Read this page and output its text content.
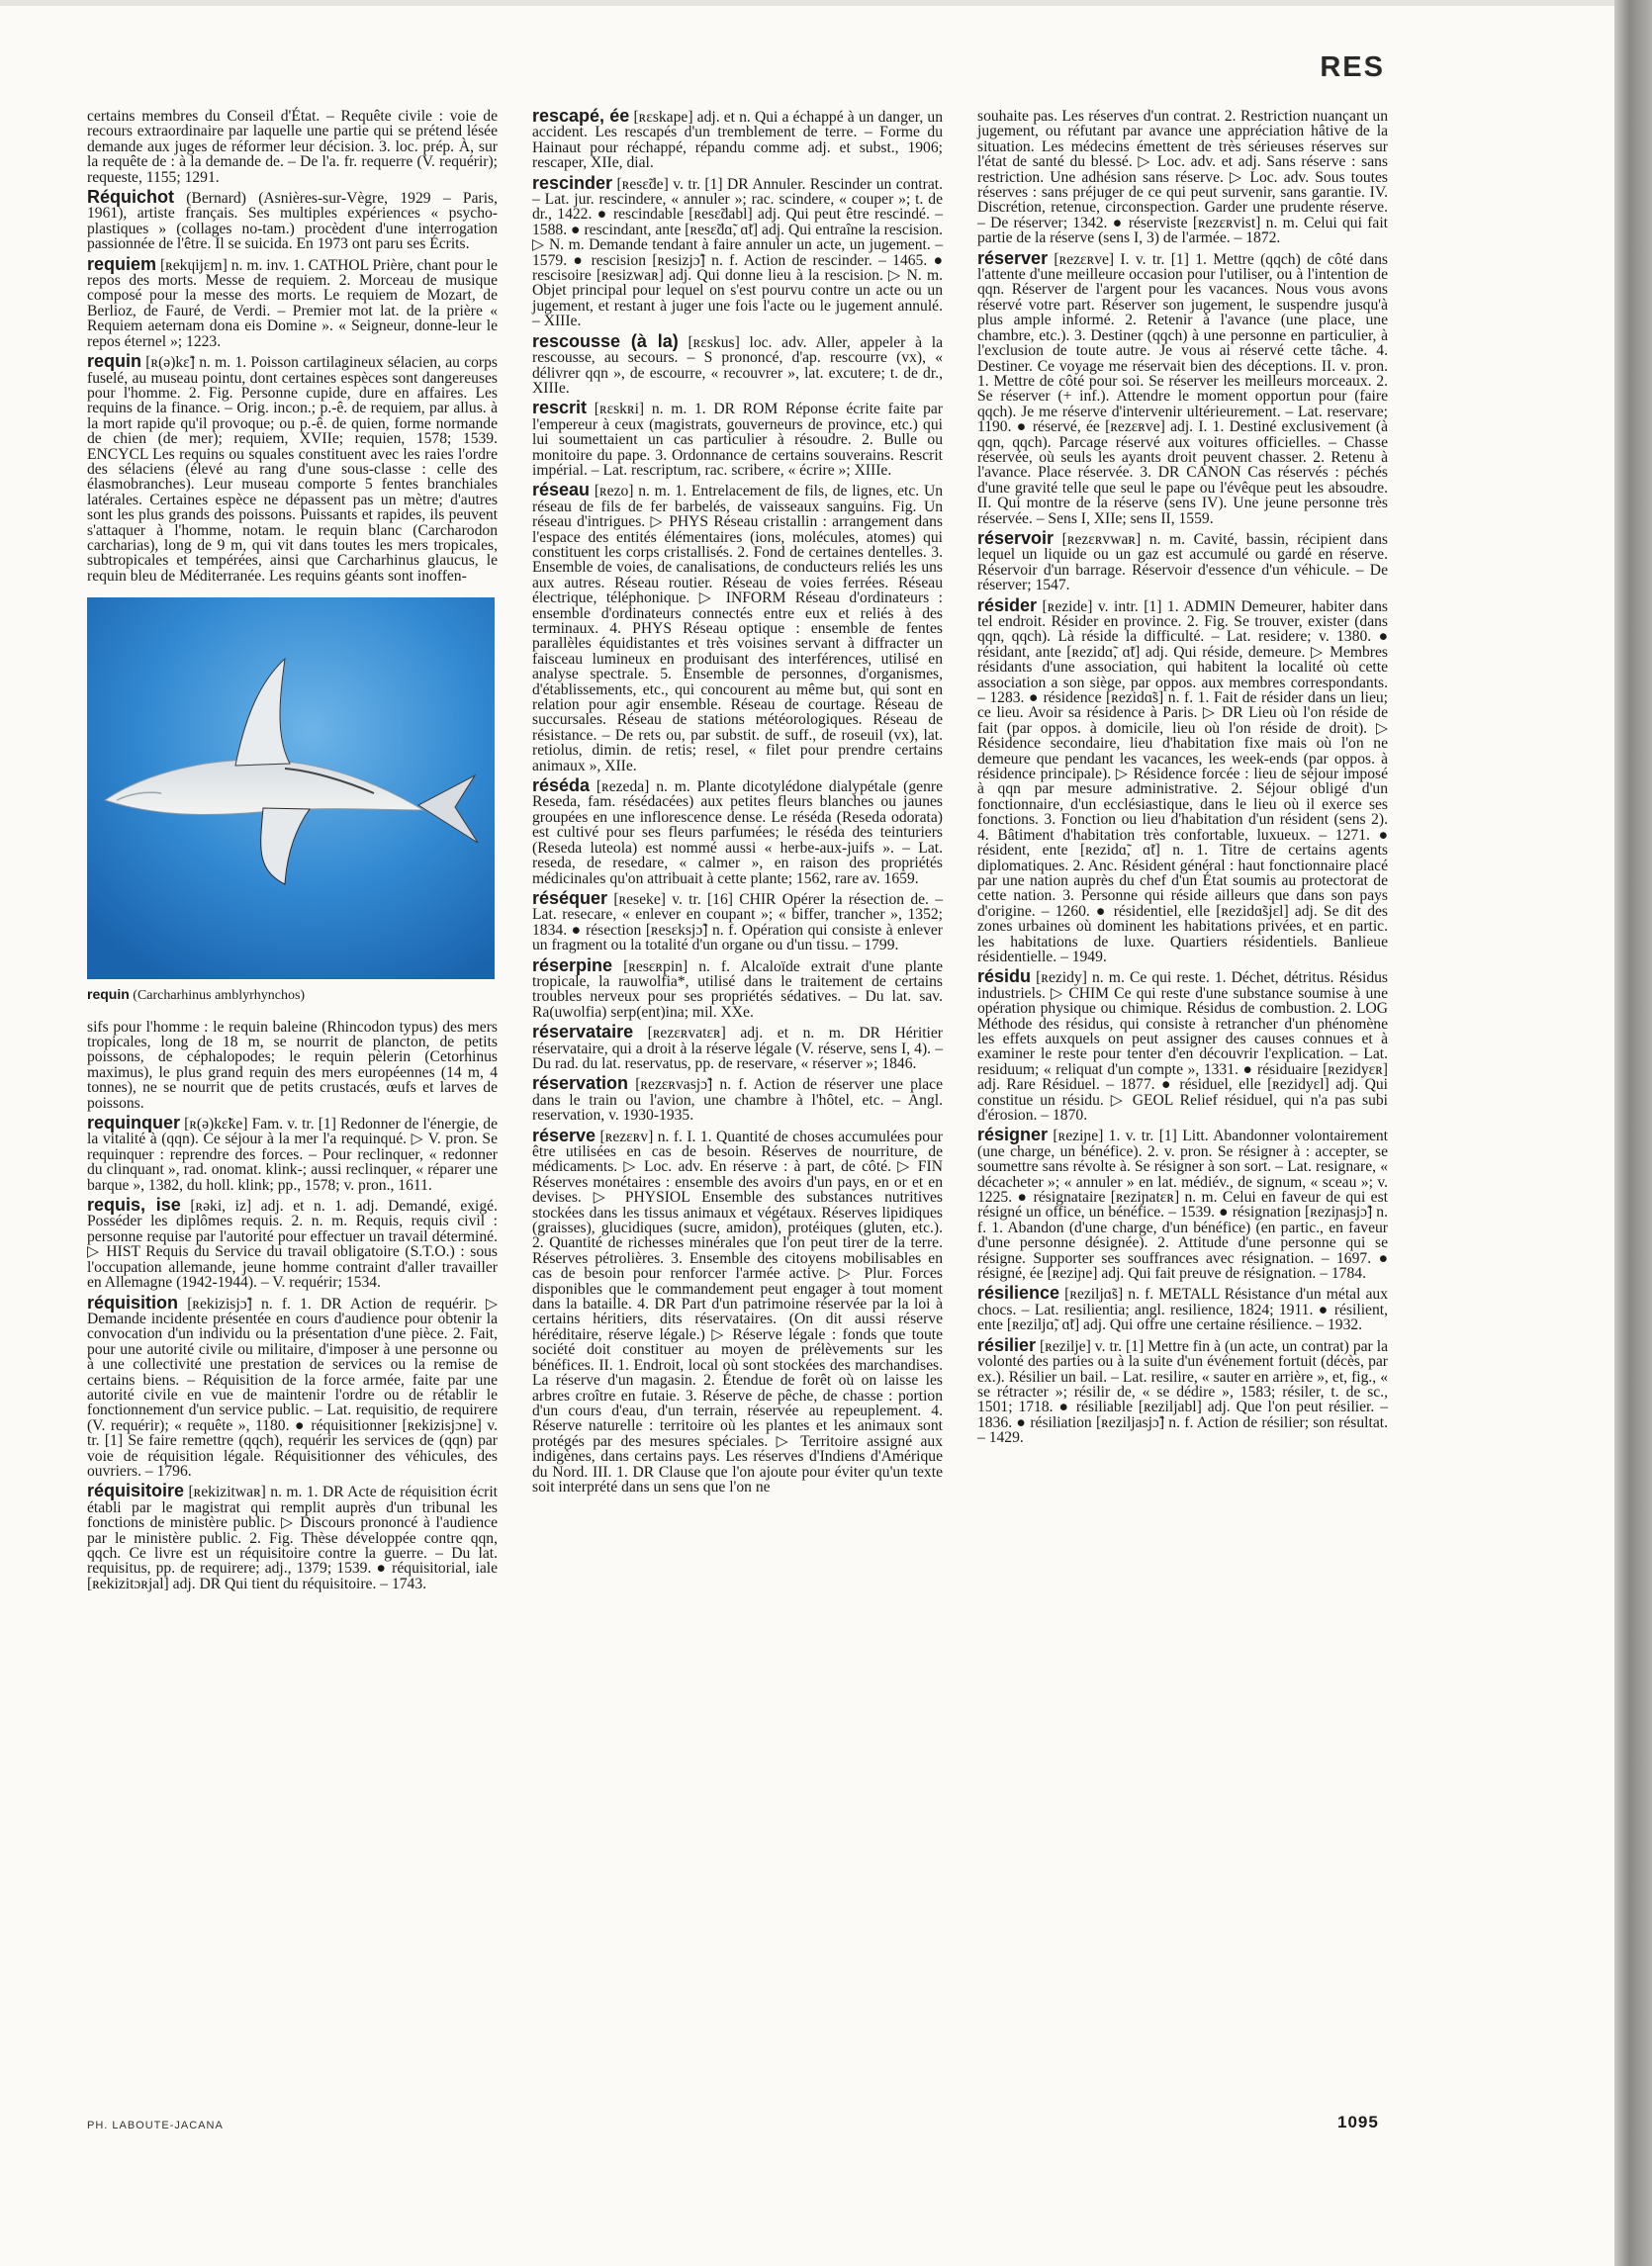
RES

certains membres du Conseil d'État. – Requête civile : voie de recours extraordinaire par laquelle une partie qui se prétend lésée demande aux juges de réformer leur décision. 3. loc. prép. À, sur la requête de : à la demande de. – De l'a. fr. requerre (V. requérir); requeste, 1155; 1291.

Réquichot (Bernard) (Asnières-sur-Vègre, 1929 – Paris, 1961), artiste français. Ses multiples expériences « psycho-plastiques » (collages no-tam.) procèdent d'une interrogation passionnée de l'être. Il se suicida. En 1973 ont paru ses Écrits.

requiem [ʀekɥijɛm] n. m. inv. 1. CATHOL Prière, chant pour le repos des morts. Messe de requiem. 2. Morceau de musique composé pour la messe des morts. Le requiem de Mozart, de Berlioz, de Fauré, de Verdi. – Premier mot lat. de la prière « Requiem aeternam dona eis Domine ». « Seigneur, donne-leur le repos éternel »; 1223.

requin [ʀ(ə)kɛ̃] n. m. 1. Poisson cartilagineux sélacien, au corps fuselé, au museau pointu, dont certaines espèces sont dangereuses pour l'homme. 2. Fig. Personne cupide, dure en affaires. Les requins de la finance. – Orig. incon.; p.-ê. de requiem, par allus. à la mort rapide qu'il provoque; ou p.-ê. de quien, forme normande de chien (de mer); requiem, XVIIe; requien, 1578; 1539. ENCYCL Les requins ou squales constituent avec les raies l'ordre des sélaciens (élevé au rang d'une sous-classe : celle des élasmobranches). Leur museau comporte 5 fentes branchiales latérales. Certaines espèce ne dépassent pas un mètre; d'autres sont les plus grands des poissons. Puissants et rapides, ils peuvent s'attaquer à l'homme, notam. le requin blanc (Carcharodon carcharias), long de 9 m, qui vit dans toutes les mers tropicales, subtropicales et tempérées, ainsi que Carcharhinus glaucus, le requin bleu de Méditerranée. Les requins géants sont inoffen-

requin (Carcharhinus amblyrhynchos)

sifs pour l'homme : le requin baleine (Rhincodon typus) des mers tropicales, long de 18 m, se nourrit de plancton, de petits poissons, de céphalopodes; le requin pèlerin (Cetorhinus maximus), le plus grand requin des mers européennes (14 m, 4 tonnes), ne se nourrit que de petits crustacés, œufs et larves de poissons.

requinquer [ʀ(ə)kɛ̃ke] Fam. v. tr. [1] Redonner de l'énergie, de la vitalité à (qqn). Ce séjour à la mer l'a requinqué. ▷ V. pron. Se requinquer : reprendre des forces. – Pour reclinquer, « redonner du clinquant », rad. onomat. klink-; aussi reclinquer, « réparer une barque », 1382, du holl. klink; pp., 1578; v. pron., 1611.

requis, ise [ʀəki, iz] adj. et n. 1. adj. Demandé, exigé. Posséder les diplômes requis. 2. n. m. Requis, requis civil : personne requise par l'autorité pour effectuer un travail déterminé. ▷ HIST Requis du Service du travail obligatoire (S.T.O.) : sous l'occupation allemande, jeune homme contraint d'aller travailler en Allemagne (1942-1944). – V. requérir; 1534.

réquisition [ʀekizisjɔ̃] n. f. 1. DR Action de requérir. ▷ Demande incidente présentée en cours d'audience pour obtenir la convocation d'un individu ou la présentation d'une pièce. 2. Fait, pour une autorité civile ou militaire, d'imposer à une personne ou à une collectivité une prestation de services ou la remise de certains biens. – Réquisition de la force armée, faite par une autorité civile en vue de maintenir l'ordre ou de rétablir le fonctionnement d'un service public. – Lat. requisitio, de requirere (V. requérir); « requête », 1180. ● réquisitionner [ʀekizisjɔne] v. tr. [1] Se faire remettre (qqch), requérir les services de (qqn) par voie de réquisition légale. Réquisitionner des véhicules, des ouvriers. – 1796.

réquisitoire [ʀekizitwaʀ] n. m. 1. DR Acte de réquisition écrit établi par le magistrat qui remplit auprès d'un tribunal les fonctions de ministère public. ▷ Discours prononcé à l'audience par le ministère public. 2. Fig. Thèse développée contre qqn, qqch. Ce livre est un réquisitoire contre la guerre. – Du lat. requisitus, pp. de requirere; adj., 1379; 1539. ● réquisitorial, iale [ʀekizitɔʀjal] adj. DR Qui tient du réquisitoire. – 1743.

rescapé, ée [ʀɛskape] adj. et n. Qui a échappé à un danger, un accident. Les rescapés d'un tremblement de terre. – Forme du Hainaut pour réchappé, répandu comme adj. et subst., 1906; rescaper, XIIe, dial.

rescinder [ʀesɛ̃de] v. tr. [1] DR Annuler. Rescinder un contrat. – Lat. jur. rescindere, « annuler »; rac. scindere, « couper »; t. de dr., 1422. ● rescindable [ʀesɛ̃dabl] adj. Qui peut être rescindé. – 1588. ● rescindant, ante [ʀesɛ̃dɑ̃, ɑ̃t] adj. Qui entraîne la rescision. ▷ N. m. Demande tendant à faire annuler un acte, un jugement. – 1579. ● rescision [ʀesizjɔ̃] n. f. Action de rescinder. – 1465. ● rescisoire [ʀesizwaʀ] adj. Qui donne lieu à la rescision. ▷ N. m. Objet principal pour lequel on s'est pourvu contre un acte ou un jugement, et restant à juger une fois l'acte ou le jugement annulé. – XIIIe.

rescousse (à la) [ʀɛskus] loc. adv. Aller, appeler à la rescousse, au secours. – S prononcé, d'ap. rescourre (vx), « délivrer qqn », de escourre, « recouvrer », lat. excutere; t. de dr., XIIIe.

rescrit [ʀɛskʀi] n. m. 1. DR ROM Réponse écrite faite par l'empereur à ceux (magistrats, gouverneurs de province, etc.) qui lui soumettaient un cas particulier à résoudre. 2. Bulle ou monitoire du pape. 3. Ordonnance de certains souverains. Rescrit impérial. – Lat. rescriptum, rac. scribere, « écrire »; XIIIe.

réseau [ʀezo] n. m. 1. Entrelacement de fils, de lignes, etc. Un réseau de fils de fer barbelés, de vaisseaux sanguins. Fig. Un réseau d'intrigues. ▷ PHYS Réseau cristallin : arrangement dans l'espace des entités élémentaires (ions, molécules, atomes) qui constituent les corps cristallisés. 2. Fond de certaines dentelles. 3. Ensemble de voies, de canalisations, de conducteurs reliés les uns aux autres. Réseau routier. Réseau de voies ferrées. Réseau électrique, téléphonique. ▷ INFORM Réseau d'ordinateurs : ensemble d'ordinateurs connectés entre eux et reliés à des terminaux. 4. PHYS Réseau optique : ensemble de fentes parallèles équidistantes et très voisines servant à diffracter un faisceau lumineux en produisant des interférences, utilisé en analyse spectrale. 5. Ensemble de personnes, d'organismes, d'établissements, etc., qui concourent au même but, qui sont en relation pour agir ensemble. Réseau de courtage. Réseau de succursales. Réseau de stations météorologiques. Réseau de résistance. – De rets ou, par substit. de suff., de roseuil (vx), lat. retiolus, dimin. de retis; resel, « filet pour prendre certains animaux », XIIe.

réséda [ʀezeda] n. m. Plante dicotylédone dialypétale (genre Reseda, fam. résédacées) aux petites fleurs blanches ou jaunes groupées en une inflorescence dense. Le réséda (Reseda odorata) est cultivé pour ses fleurs parfumées; le réséda des teinturiers (Reseda luteola) est nommé aussi « herbe-aux-juifs ». – Lat. reseda, de resedare, « calmer », en raison des propriétés médicinales qu'on attribuait à cette plante; 1562, rare av. 1659.

réséquer [ʀeseke] v. tr. [16] CHIR Opérer la résection de. – Lat. resecare, « enlever en coupant »; « biffer, trancher », 1352; 1834. ● résection [ʀesɛksjɔ̃] n. f. Opération qui consiste à enlever un fragment ou la totalité d'un organe ou d'un tissu. – 1799.

réserpine [ʀesɛʀpin] n. f. Alcaloïde extrait d'une plante tropicale, la rauwolfia*, utilisé dans le traitement de certains troubles nerveux pour ses propriétés sédatives. – Du lat. sav. Ra(uwolfia) serp(ent)ina; mil. XXe.

réservataire [ʀezɛʀvatɛʀ] adj. et n. m. DR Héritier réservataire, qui a droit à la réserve légale (V. réserve, sens I, 4). – Du rad. du lat. reservatus, pp. de reservare, « réserver »; 1846.

réservation [ʀezɛʀvasjɔ̃] n. f. Action de réserver une place dans le train ou l'avion, une chambre à l'hôtel, etc. – Angl. reservation, v. 1930-1935.

réserve [ʀezɛʀv] n. f. I. 1. Quantité de choses accumulées pour être utilisées en cas de besoin. Réserves de nourriture, de médicaments. ▷ Loc. adv. En réserve : à part, de côté. ▷ FIN Réserves monétaires : ensemble des avoirs d'un pays, en or et en devises. ▷ PHYSIOL Ensemble des substances nutritives stockées dans les tissus animaux et végétaux. Réserves lipidiques (graisses), glucidiques (sucre, amidon), protéiques (gluten, etc.). 2. Quantité de richesses minérales que l'on peut tirer de la terre. Réserves pétrolières. 3. Ensemble des citoyens mobilisables en cas de besoin pour renforcer l'armée active. ▷ Plur. Forces disponibles que le commandement peut engager à tout moment dans la bataille. 4. DR Part d'un patrimoine réservée par la loi à certains héritiers, dits réservataires. (On dit aussi réserve héréditaire, réserve légale.) ▷ Réserve légale : fonds que toute société doit constituer au moyen de prélèvements sur les bénéfices. II. 1. Endroit, local où sont stockées des marchandises. La réserve d'un magasin. 2. Étendue de forêt où on laisse les arbres croître en futaie. 3. Réserve de pêche, de chasse : portion d'un cours d'eau, d'un terrain, réservée au repeuplement. 4. Réserve naturelle : territoire où les plantes et les animaux sont protégés par des mesures spéciales. ▷ Territoire assigné aux indigènes, dans certains pays. Les réserves d'Indiens d'Amérique du Nord. III. 1. DR Clause que l'on ajoute pour éviter qu'un texte soit interprété dans un sens que l'on ne

souhaite pas. Les réserves d'un contrat. 2. Restriction nuançant un jugement, ou réfutant par avance une appréciation hâtive de la situation. Les médecins émettent de très sérieuses réserves sur l'état de santé du blessé. ▷ Loc. adv. et adj. Sans réserve : sans restriction. Une adhésion sans réserve. ▷ Loc. adv. Sous toutes réserves : sans préjuger de ce qui peut survenir, sans garantie. IV. Discrétion, retenue, circonspection. Garder une prudente réserve. – De réserver; 1342. ● réserviste [ʀezɛʀvist] n. m. Celui qui fait partie de la réserve (sens I, 3) de l'armée. – 1872.

réserver [ʀezɛʀve] I. v. tr. [1] 1. Mettre (qqch) de côté dans l'attente d'une meilleure occasion pour l'utiliser, ou à l'intention de qqn. Réserver de l'argent pour les vacances. Nous vous avons réservé votre part. Réserver son jugement, le suspendre jusqu'à plus ample informé. 2. Retenir à l'avance (une place, une chambre, etc.). 3. Destiner (qqch) à une personne en particulier, à l'exclusion de toute autre. Je vous ai réservé cette tâche. 4. Destiner. Ce voyage me réservait bien des déceptions. II. v. pron. 1. Mettre de côté pour soi. Se réserver les meilleurs morceaux. 2. Se réserver (+ inf.). Attendre le moment opportun pour (faire qqch). Je me réserve d'intervenir ultérieurement. – Lat. reservare; 1190. ● réservé, ée [ʀezɛʀve] adj. I. 1. Destiné exclusivement (à qqn, qqch). Parcage réservé aux voitures officielles. – Chasse réservée, où seuls les ayants droit peuvent chasser. 2. Retenu à l'avance. Place réservée. 3. DR CANON Cas réservés : péchés d'une gravité telle que seul le pape ou l'évêque peut les absoudre. II. Qui montre de la réserve (sens IV). Une jeune personne très réservée. – Sens I, XIIe; sens II, 1559.

réservoir [ʀezɛʀvwaʀ] n. m. Cavité, bassin, récipient dans lequel un liquide ou un gaz est accumulé ou gardé en réserve. Réservoir d'un barrage. Réservoir d'essence d'un véhicule. – De réserver; 1547.

résider [ʀezide] v. intr. [1] 1. ADMIN Demeurer, habiter dans tel endroit. Résider en province. 2. Fig. Se trouver, exister (dans qqn, qqch). Là réside la difficulté. – Lat. residere; v. 1380. ● résidant, ante [ʀezidɑ̃, ɑ̃t] adj. Qui réside, demeure. ▷ Membres résidants d'une association, qui habitent la localité où cette association a son siège, par oppos. aux membres correspondants. – 1283. ● résidence [ʀezidɑ̃s] n. f. 1. Fait de résider dans un lieu; ce lieu. Avoir sa résidence à Paris. ▷ DR Lieu où l'on réside de fait (par oppos. à domicile, lieu où l'on réside de droit). ▷ Résidence secondaire, lieu d'habitation fixe mais où l'on ne demeure que pendant les vacances, les week-ends (par oppos. à résidence principale). ▷ Résidence forcée : lieu de séjour imposé à qqn par mesure administrative. 2. Séjour obligé d'un fonctionnaire, d'un ecclésiastique, dans le lieu où il exerce ses fonctions. 3. Fonction ou lieu d'habitation d'un résident (sens 2). 4. Bâtiment d'habitation très confortable, luxueux. – 1271. ● résident, ente [ʀezidɑ̃, ɑ̃t] n. 1. Titre de certains agents diplomatiques. 2. Anc. Résident général : haut fonctionnaire placé par une nation auprès du chef d'un État soumis au protectorat de cette nation. 3. Personne qui réside ailleurs que dans son pays d'origine. – 1260. ● résidentiel, elle [ʀezidɑ̃sjɛl] adj. Se dit des zones urbaines où dominent les habitations privées, et en partic. les habitations de luxe. Quartiers résidentiels. Banlieue résidentielle. – 1949.

résidu [ʀezidy] n. m. Ce qui reste. 1. Déchet, détritus. Résidus industriels. ▷ CHIM Ce qui reste d'une substance soumise à une opération physique ou chimique. Résidus de combustion. 2. LOG Méthode des résidus, qui consiste à retrancher d'un phénomène les effets auxquels on peut assigner des causes connues et à examiner le reste pour tenter d'en découvrir l'explication. – Lat. residuum; « reliquat d'un compte », 1331. ● résiduaire [ʀezidyɛʀ] adj. Rare Résiduel. – 1877. ● résiduel, elle [ʀezidyɛl] adj. Qui constitue un résidu. ▷ GEOL Relief résiduel, qui n'a pas subi d'érosion. – 1870.

résigner [ʀeziɲe] 1. v. tr. [1] Litt. Abandonner volontairement (une charge, un bénéfice). 2. v. pron. Se résigner à : accepter, se soumettre sans révolte à. Se résigner à son sort. – Lat. resignare, « décacheter »; « annuler » en lat. médiév., de signum, « sceau »; v. 1225. ● résignataire [ʀeziɲatɛʀ] n. m. Celui en faveur de qui est résigné un office, un bénéfice. – 1539. ● résignation [ʀeziɲasjɔ̃] n. f. 1. Abandon (d'une charge, d'un bénéfice) (en partic., en faveur d'une personne désignée). 2. Attitude d'une personne qui se résigne. Supporter ses souffrances avec résignation. – 1697. ● résigné, ée [ʀeziɲe] adj. Qui fait preuve de résignation. – 1784.

résilience [ʀeziljɑ̃s] n. f. METALL Résistance d'un métal aux chocs. – Lat. resilientia; angl. resilience, 1824; 1911. ● résilient, ente [ʀeziljɑ̃, ɑ̃t] adj. Qui offre une certaine résilience. – 1932.

résilier [ʀezilje] v. tr. [1] Mettre fin à (un acte, un contrat) par la volonté des parties ou à la suite d'un événement fortuit (décès, par ex.). Résilier un bail. – Lat. resilire, « sauter en arrière », et, fig., « se rétracter »; résilir de, « se dédire », 1583; résiler, t. de sc., 1501; 1718. ● résiliable [ʀeziljabl] adj. Que l'on peut résilier. – 1836. ● résiliation [ʀeziljasjɔ̃] n. f. Action de résilier; son résultat. – 1429.

PH. LABOUTE-JACANA	1095
